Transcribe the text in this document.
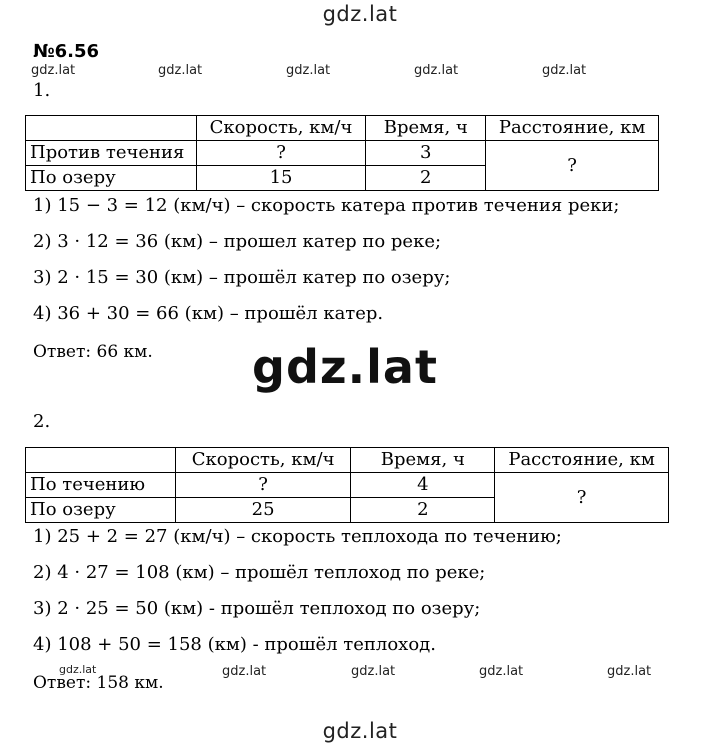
gdz.lat
gdz.lat	gdz.lat	gdz.lat	gdz.lat	gdz.lat
gdz.lat
gdz.lat	gdz.lat	gdz.lat	gdz.lat	gdz.lat
gdz.lat
№6.56
1.
	Скорость, км/ч	Время, ч	Расстояние, км
Против течения	?	3	?
По озеру	15	2	
1) 15 − 3 = 12 (км/ч) – скорость катера против течения реки;
2) 3 · 12 = 36 (км) – прошел катер по реке;
3) 2 · 15 = 30 (км) – прошёл катер по озеру;
4) 36 + 30 = 66 (км) – прошёл катер.
Ответ: 66 км.
2.
	Скорость, км/ч	Время, ч	Расстояние, км
По течению	?	4	?
По озеру	25	2	
1) 25 + 2 = 27 (км/ч) – скорость теплохода по течению;
2) 4 · 27 = 108 (км) – прошёл теплоход по реке;
3) 2 · 25 = 50 (км) - прошёл теплоход по озеру;
4) 108 + 50 = 158 (км) - прошёл теплоход.
Ответ: 158 км.
